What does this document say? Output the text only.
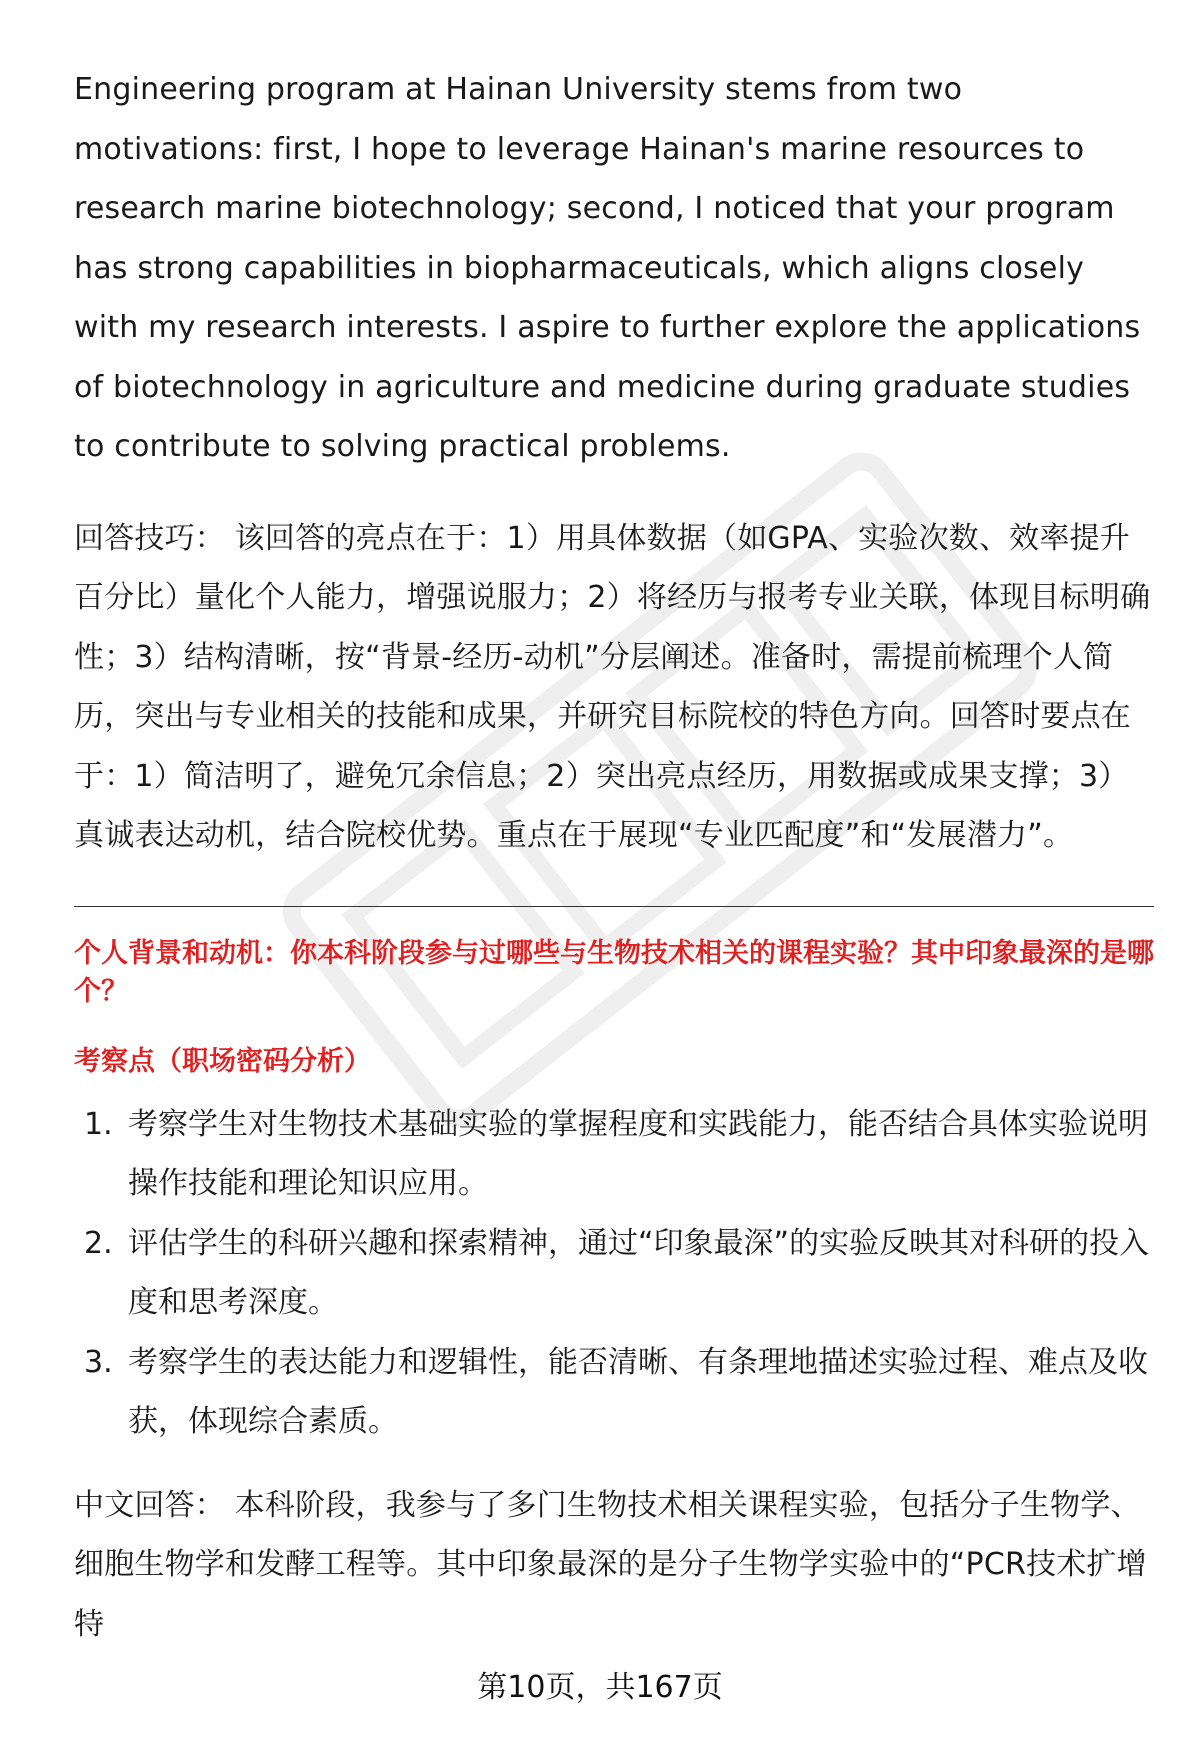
Engineering program at Hainan University stems from two motivations: first, I hope to leverage Hainan's marine resources to research marine biotechnology; second, I noticed that your program has strong capabilities in biopharmaceuticals, which aligns closely with my research interests. I aspire to further explore the applications of biotechnology in agriculture and medicine during graduate studies to contribute to solving practical problems.

回答技巧： 该回答的亮点在于：1）用具体数据（如GPA、实验次数、效率提升百分比）量化个人能力，增强说服力；2）将经历与报考专业关联，体现目标明确性；3）结构清晰，按“背景-经历-动机”分层阐述。准备时，需提前梳理个人简历，突出与专业相关的技能和成果，并研究目标院校的特色方向。回答时要点在于：1）简洁明了，避免冗余信息；2）突出亮点经历，用数据或成果支撑；3）真诚表达动机，结合院校优势。重点在于展现“专业匹配度”和“发展潜力”。

个人背景和动机：你本科阶段参与过哪些与生物技术相关的课程实验？其中印象最深的是哪个？

考察点（职场密码分析）

1. 考察学生对生物技术基础实验的掌握程度和实践能力，能否结合具体实验说明操作技能和理论知识应用。
2. 评估学生的科研兴趣和探索精神，通过“印象最深”的实验反映其对科研的投入度和思考深度。
3. 考察学生的表达能力和逻辑性，能否清晰、有条理地描述实验过程、难点及收获，体现综合素质。

中文回答： 本科阶段，我参与了多门生物技术相关课程实验，包括分子生物学、细胞生物学和发酵工程等。其中印象最深的是分子生物学实验中的“PCR技术扩增特

第10页，共167页
